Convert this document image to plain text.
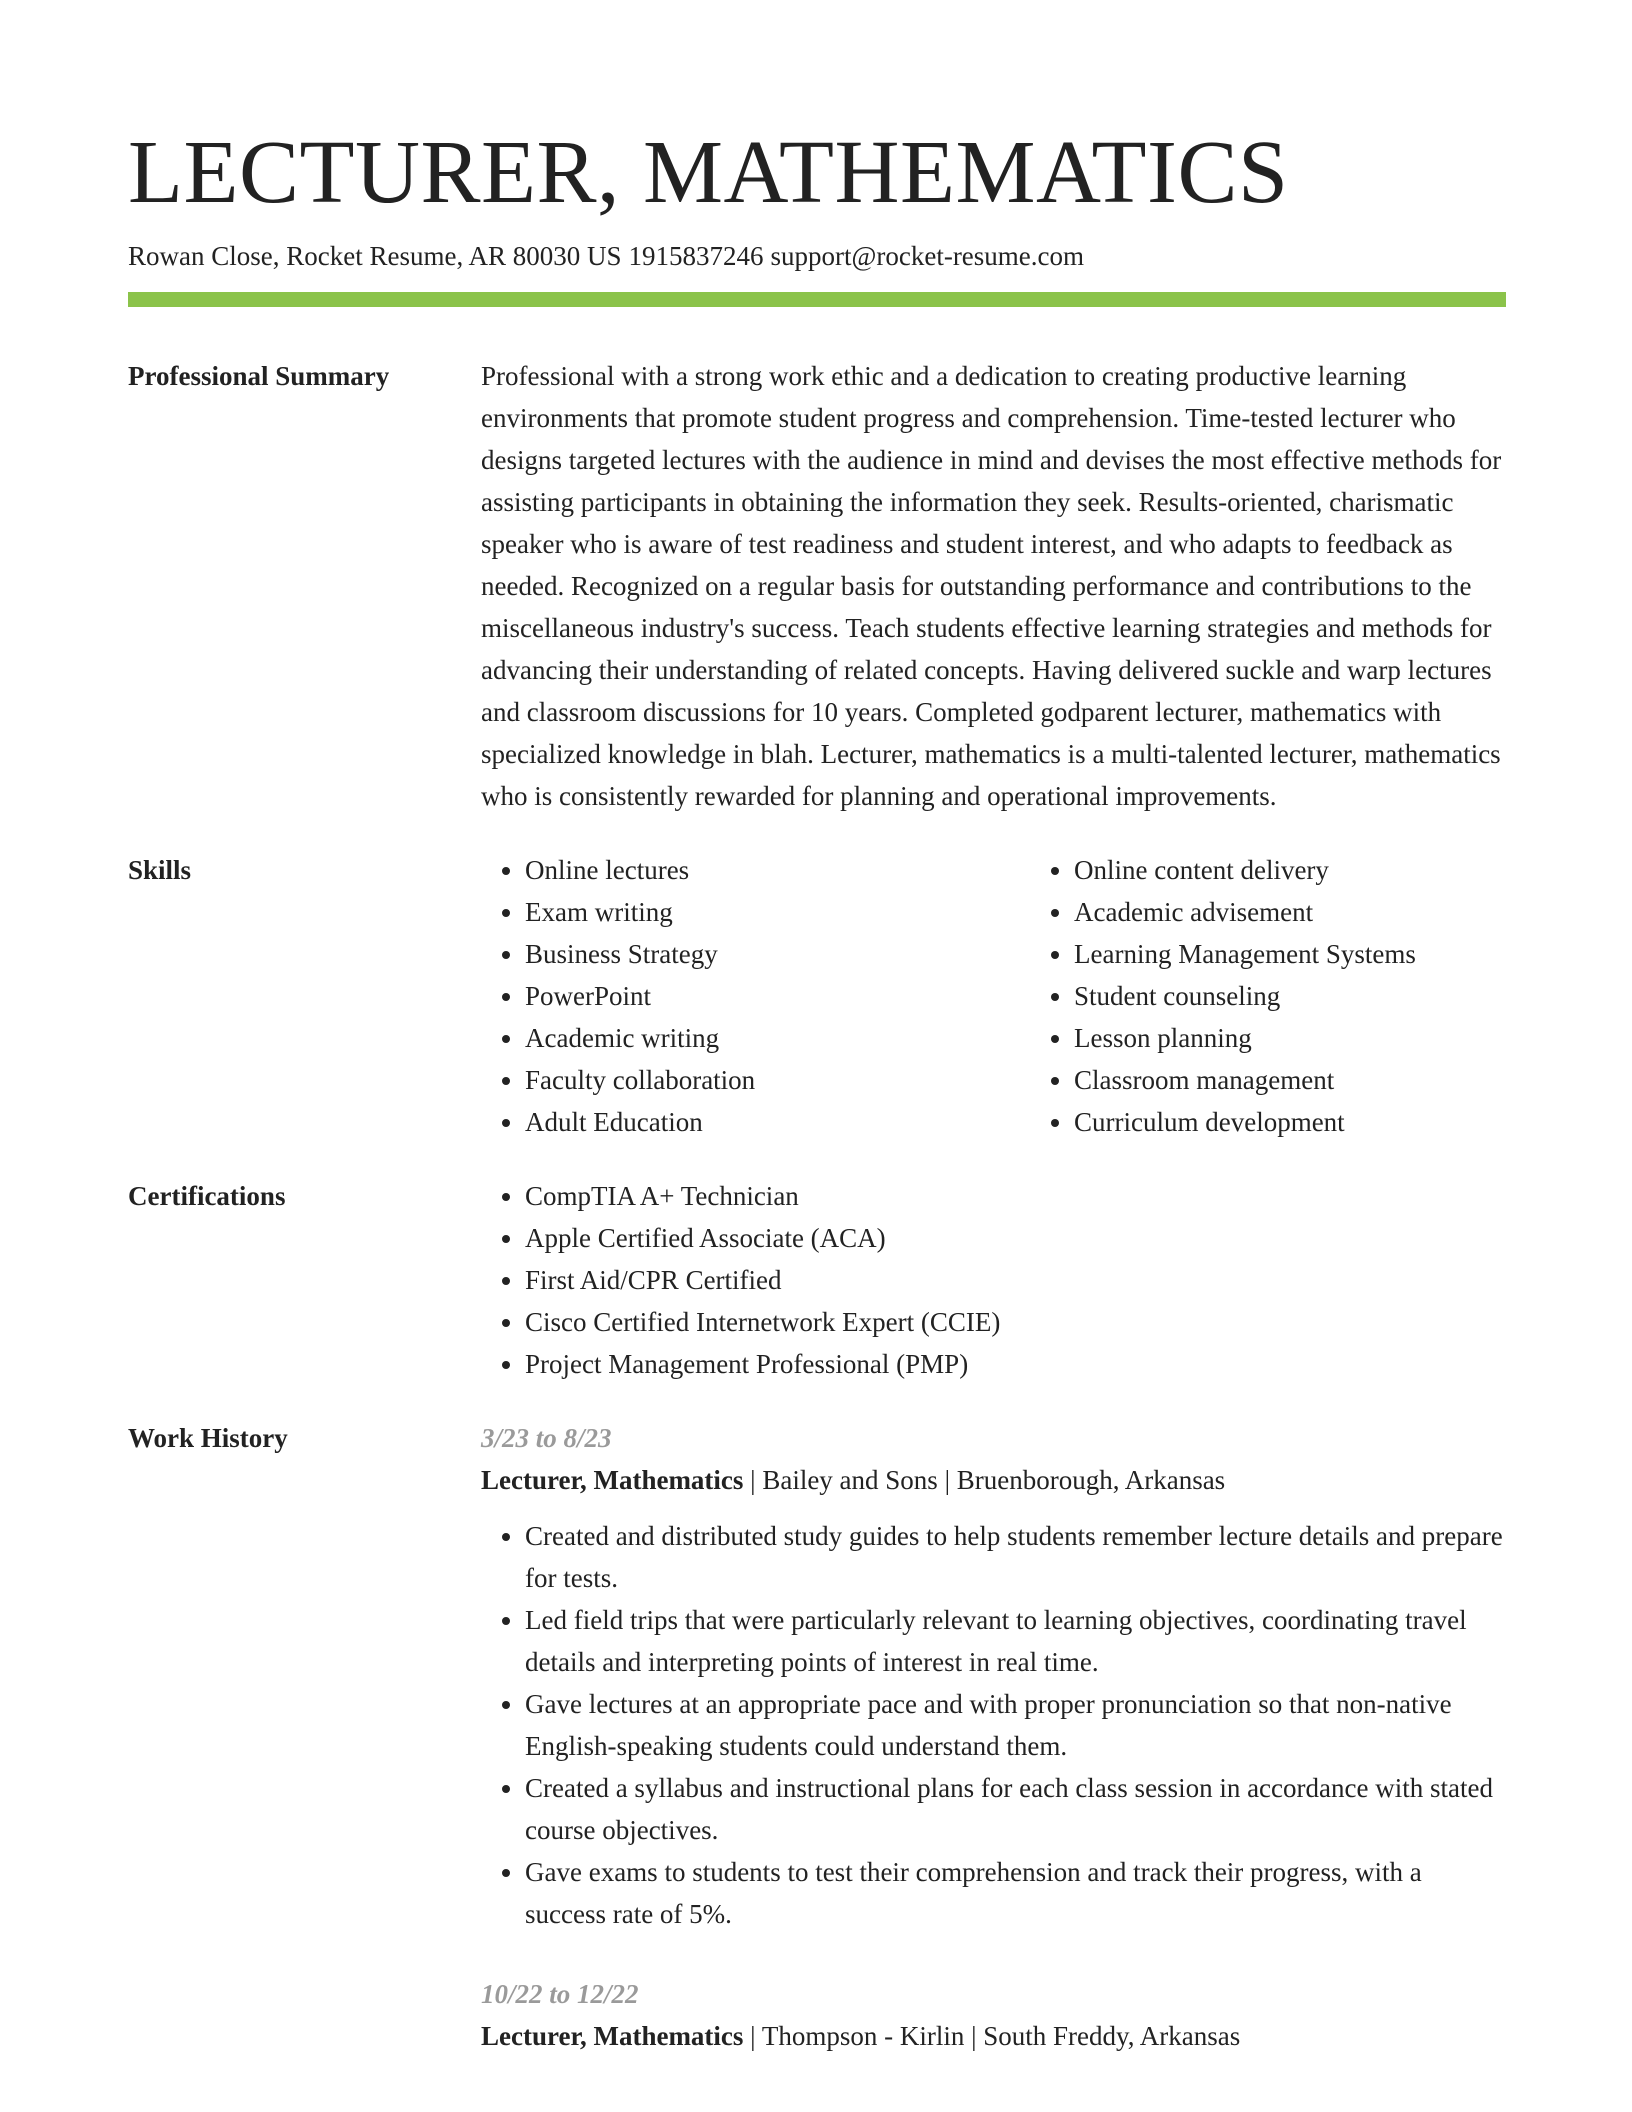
LECTURER, MATHEMATICS
Rowan Close, Rocket Resume, AR 80030 US 1915837246 support@rocket-resume.com
Professional Summary	Professional with a strong work ethic and a dedication to creating productive learning environments that promote student progress and comprehension. Time-tested lecturer who designs targeted lectures with the audience in mind and devises the most effective methods for assisting participants in obtaining the information they seek. Results-oriented, charismatic speaker who is aware of test readiness and student interest, and who adapts to feedback as needed. Recognized on a regular basis for outstanding performance and contributions to the miscellaneous industry's success. Teach students effective learning strategies and methods for advancing their understanding of related concepts. Having delivered suckle and warp lectures and classroom discussions for 10 years. Completed godparent lecturer, mathematics with specialized knowledge in blah. Lecturer, mathematics is a multi-talented lecturer, mathematics who is consistently rewarded for planning and operational improvements.

Skills	• Online lectures
• Exam writing
• Business Strategy
• PowerPoint
• Academic writing
• Faculty collaboration
• Adult Education
• Online content delivery
• Academic advisement
• Learning Management Systems
• Student counseling
• Lesson planning
• Classroom management
• Curriculum development
Certifications	• CompTIA A+ Technician
• Apple Certified Associate (ACA)
• First Aid/CPR Certified
• Cisco Certified Internetwork Expert (CCIE)
• Project Management Professional (PMP)
Work History	3/23 to 8/23
Lecturer, Mathematics | Bailey and Sons | Bruenborough, Arkansas
• Created and distributed study guides to help students remember lecture details and prepare for tests.
• Led field trips that were particularly relevant to learning objectives, coordinating travel details and interpreting points of interest in real time.
• Gave lectures at an appropriate pace and with proper pronunciation so that non-native English-speaking students could understand them.
• Created a syllabus and instructional plans for each class session in accordance with stated course objectives.
• Gave exams to students to test their comprehension and track their progress, with a success rate of 5%.
10/22 to 12/22
Lecturer, Mathematics | Thompson - Kirlin | South Freddy, Arkansas
